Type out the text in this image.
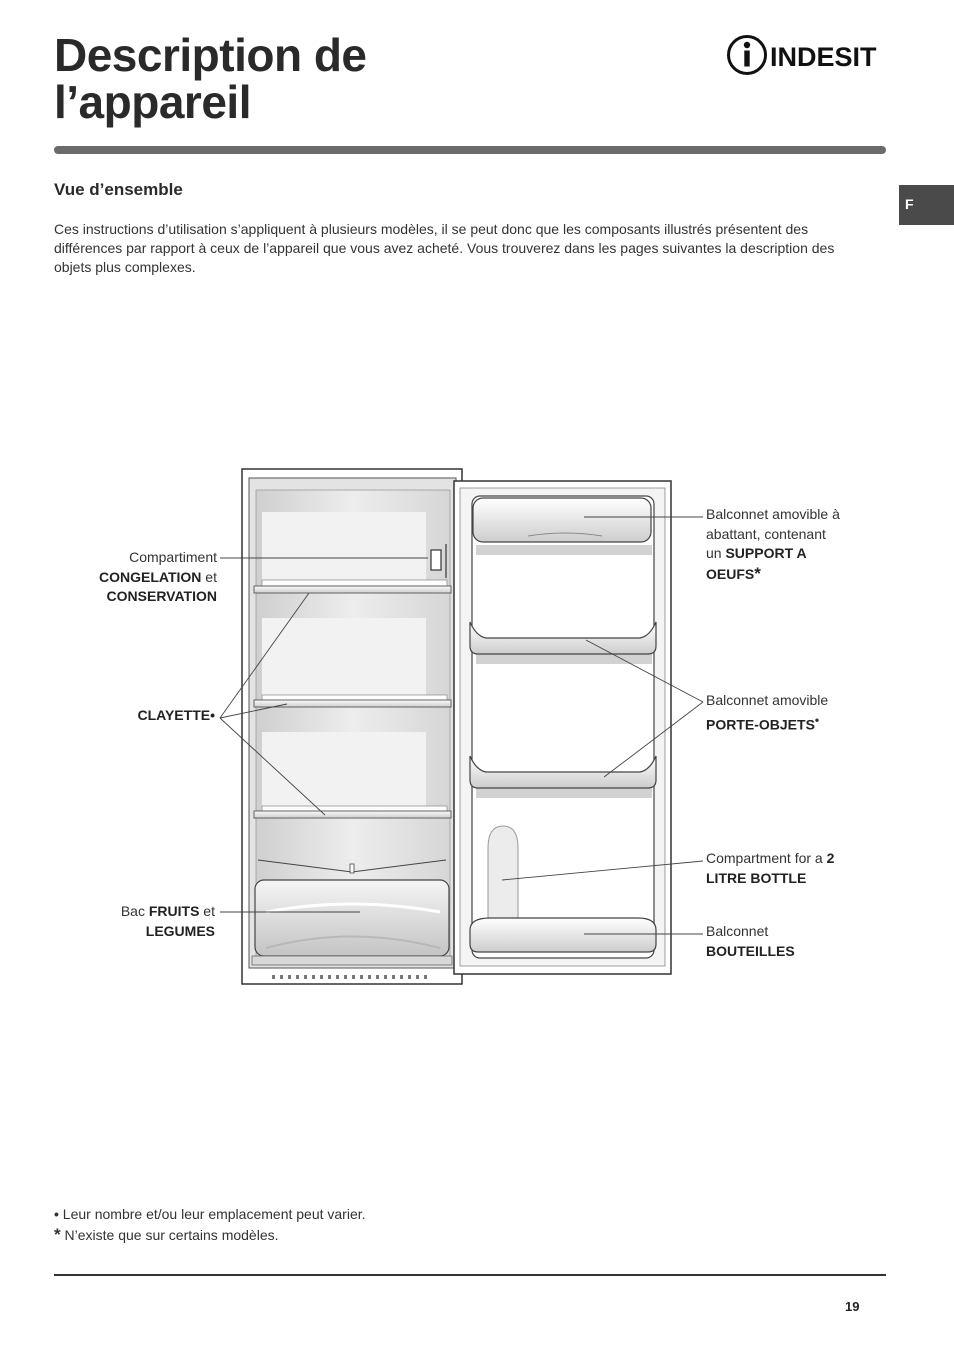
Description de
l’appareil
INDESIT
F
Vue d’ensemble
Ces instructions d’utilisation s’appliquent à plusieurs modèles, il se peut donc que les composants illustrés présentent des différences par rapport à ceux de l’appareil que vous avez acheté. Vous trouverez dans les pages suivantes la description des objets plus complexes.
Compartiment
CONGELATION et
CONSERVATION
CLAYETTE•
Bac FRUITS et
LEGUMES
Balconnet amovible à
abattant, contenant
un SUPPORT A
OEUFS*
Balconnet amovible
PORTE-OBJETS•
Compartment for a 2
LITRE BOTTLE
Balconnet
BOUTEILLES
• Leur nombre et/ou leur emplacement peut varier.
* N’existe que sur certains modèles.
19
